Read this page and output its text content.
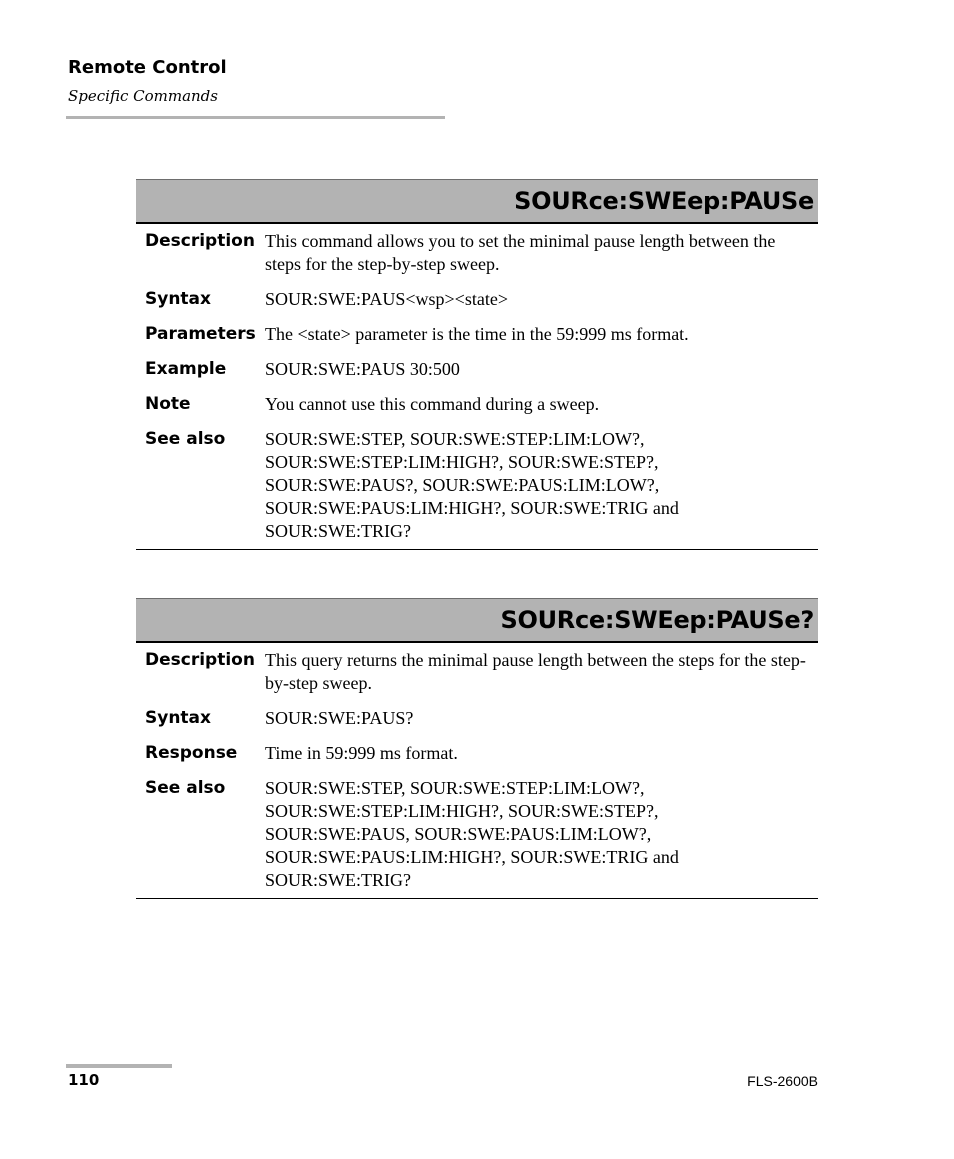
Remote Control
Specific Commands
SOURce:SWEep:PAUSe
Description This command allows you to set the minimal pause length between the steps for the step-by-step sweep.
Syntax	SOUR:SWE:PAUS<wsp><state>
Parameters The <state> parameter is the time in the 59:999 ms format.
Example	SOUR:SWE:PAUS 30:500
Note	You cannot use this command during a sweep.
See also	SOUR:SWE:STEP, SOUR:SWE:STEP:LIM:LOW?,
SOUR:SWE:STEP:LIM:HIGH?, SOUR:SWE:STEP?,
SOUR:SWE:PAUS?, SOUR:SWE:PAUS:LIM:LOW?,
SOUR:SWE:PAUS:LIM:HIGH?, SOUR:SWE:TRIG and
SOUR:SWE:TRIG?
SOURce:SWEep:PAUSe?
Description This query returns the minimal pause length between the steps for the step-by-step sweep.
Syntax	SOUR:SWE:PAUS?
Response	Time in 59:999 ms format.
See also	SOUR:SWE:STEP, SOUR:SWE:STEP:LIM:LOW?,
SOUR:SWE:STEP:LIM:HIGH?, SOUR:SWE:STEP?,
SOUR:SWE:PAUS, SOUR:SWE:PAUS:LIM:LOW?,
SOUR:SWE:PAUS:LIM:HIGH?, SOUR:SWE:TRIG and
SOUR:SWE:TRIG?
110	FLS-2600B
